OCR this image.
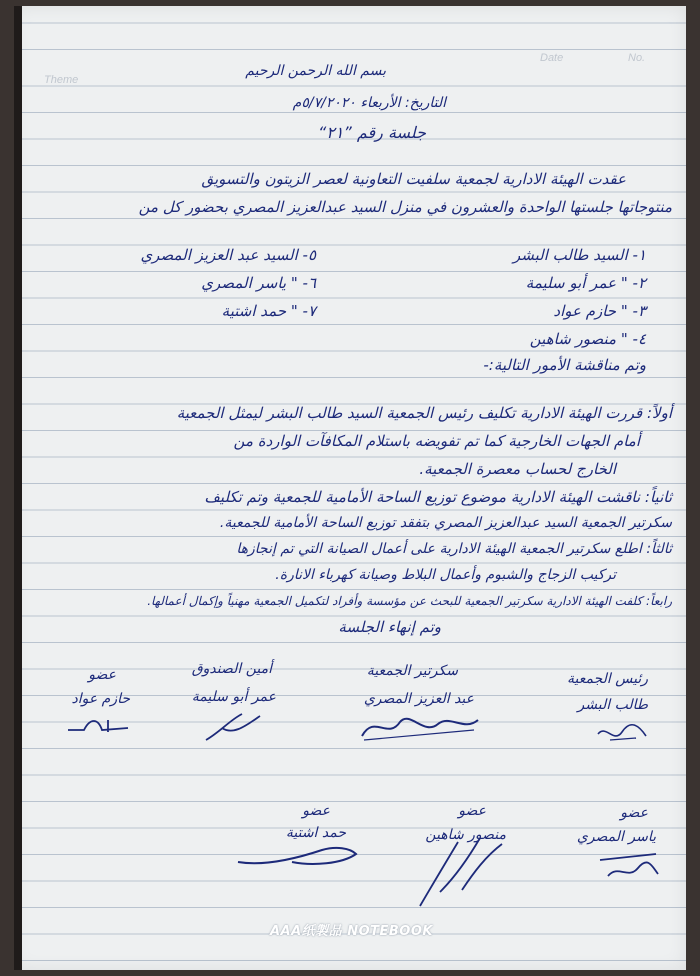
Theme
Date	No.
بسم الله الرحمن الرحيم
التاريخ: الأربعاء ٥/٧/٢٠٢٠م
جلسة رقم ”٢١“
عقدت الهيئة الادارية لجمعية سلفيت التعاونية لعصر الزيتون والتسويق
منتوجاتها جلستها الواحدة والعشرون في منزل السيد عبدالعزيز المصري بحضور كل من
١- السيد طالب البشر
٢- " عمر أبو سليمة
٣- " حازم عواد
٤- " منصور شاهين
٥- السيد عبد العزيز المصري
٦- " ياسر المصري
٧- " حمد اشتية
وتم مناقشة الأمور التالية:-
أولاً: قررت الهيئة الادارية تكليف رئيس الجمعية السيد طالب البشر ليمثل الجمعية
أمام الجهات الخارجية كما تم تفويضه باستلام المكافآت الواردة من
الخارج لحساب معصرة الجمعية.
ثانياً: ناقشت الهيئة الادارية موضوع توزيع الساحة الأمامية للجمعية وتم تكليف
سكرتير الجمعية السيد عبدالعزيز المصري بتفقد توزيع الساحة الأمامية للجمعية.
ثالثاً: اطلع سكرتير الجمعية الهيئة الادارية على أعمال الصيانة التي تم إنجازها
تركيب الزجاج والشبوم وأعمال البلاط وصيانة كهرباء الانارة.
رابعاً: كلفت الهيئة الادارية سكرتير الجمعية للبحث عن مؤسسة وأفراد لتكميل الجمعية مهنياً وإكمال أعمالها.
وتم إنهاء الجلسة
رئيس الجمعية
طالب البشر
سكرتير الجمعية
عبد العزيز المصري
أمين الصندوق
عمر أبو سليمة
عضو
حازم عواد
عضو
ياسر المصري
عضو
منصور شاهين
عضو
حمد اشتية
AAA纸製品 NOTEBOOK
